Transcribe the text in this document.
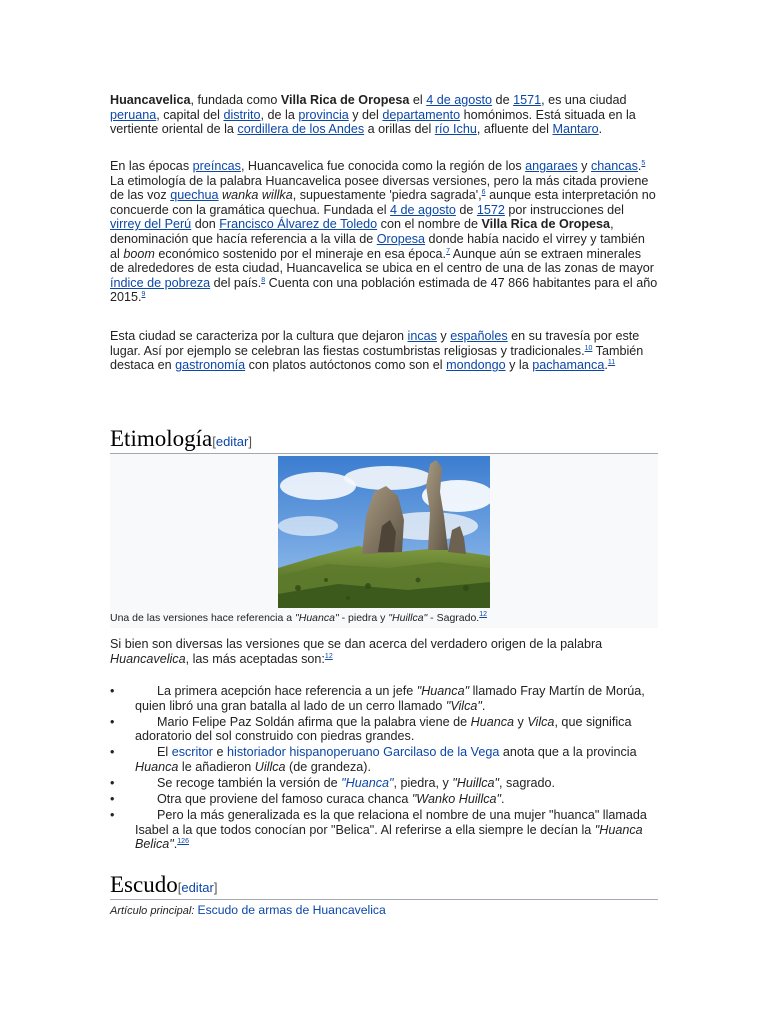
Huancavelica, fundada como Villa Rica de Oropesa el 4 de agosto de 1571, es una ciudad peruana, capital del distrito, de la provincia y del departamento homónimos. Está situada en la vertiente oriental de la cordillera de los Andes a orillas del río Ichu, afluente del Mantaro.

En las épocas preíncas, Huancavelica fue conocida como la región de los angaraes y chancas.$^5$ La etimología de la palabra Huancavelica posee diversas versiones, pero la más citada proviene de las voz quechua wanka willka, supuestamente 'piedra sagrada',$^6$ aunque esta interpretación no concuerde con la gramática quechua. Fundada el 4 de agosto de 1572 por instrucciones del virrey del Perú don Francisco Álvarez de Toledo con el nombre de Villa Rica de Oropesa, denominación que hacía referencia a la villa de Oropesa donde había nacido el virrey y también al boom económico sostenido por el mineraje en esa época.$^7$ Aunque aún se extraen minerales de alrededores de esta ciudad, Huancavelica se ubica en el centro de una de las zonas de mayor índice de pobreza del país.$^8$ Cuenta con una población estimada de 47 866 habitantes para el año 2015.$^9$

Esta ciudad se caracteriza por la cultura que dejaron incas y españoles en su travesía por este lugar. Así por ejemplo se celebran las fiestas costumbristas religiosas y tradicionales.$^{10}$ También destaca en gastronomía con platos autóctonos como son el mondongo y la pachamanca.$^{11}$

Etimología[editar]
Una de las versiones hace referencia a "Huanca" - piedra y "Huillca" - Sagrado.$^{12}$

Si bien son diversas las versiones que se dan acerca del verdadero origen de la palabra Huancavelica, las más aceptadas son:$^{12}$

•	La primera acepción hace referencia a un jefe "Huanca" llamado Fray Martín de Morúa, quien libró una gran batalla al lado de un cerro llamado "Vilca".
•	Mario Felipe Paz Soldán afirma que la palabra viene de Huanca y Vilca, que significa adoratorio del sol construido con piedras grandes.
•	El escritor e historiador hispanoperuano Garcilaso de la Vega anota que a la provincia Huanca le añadieron Uillca (de grandeza).
•	Se recoge también la versión de "Huanca", piedra, y "Huillca", sagrado.
•	Otra que proviene del famoso curaca chanca "Wanko Huillca".
•	Pero la más generalizada es la que relaciona el nombre de una mujer "huanca" llamada Isabel a la que todos conocían por "Belica". Al referirse a ella siempre le decían la "Huanca Belica".$^{126}$
Escudo[editar]
Artículo principal: Escudo de armas de Huancavelica
